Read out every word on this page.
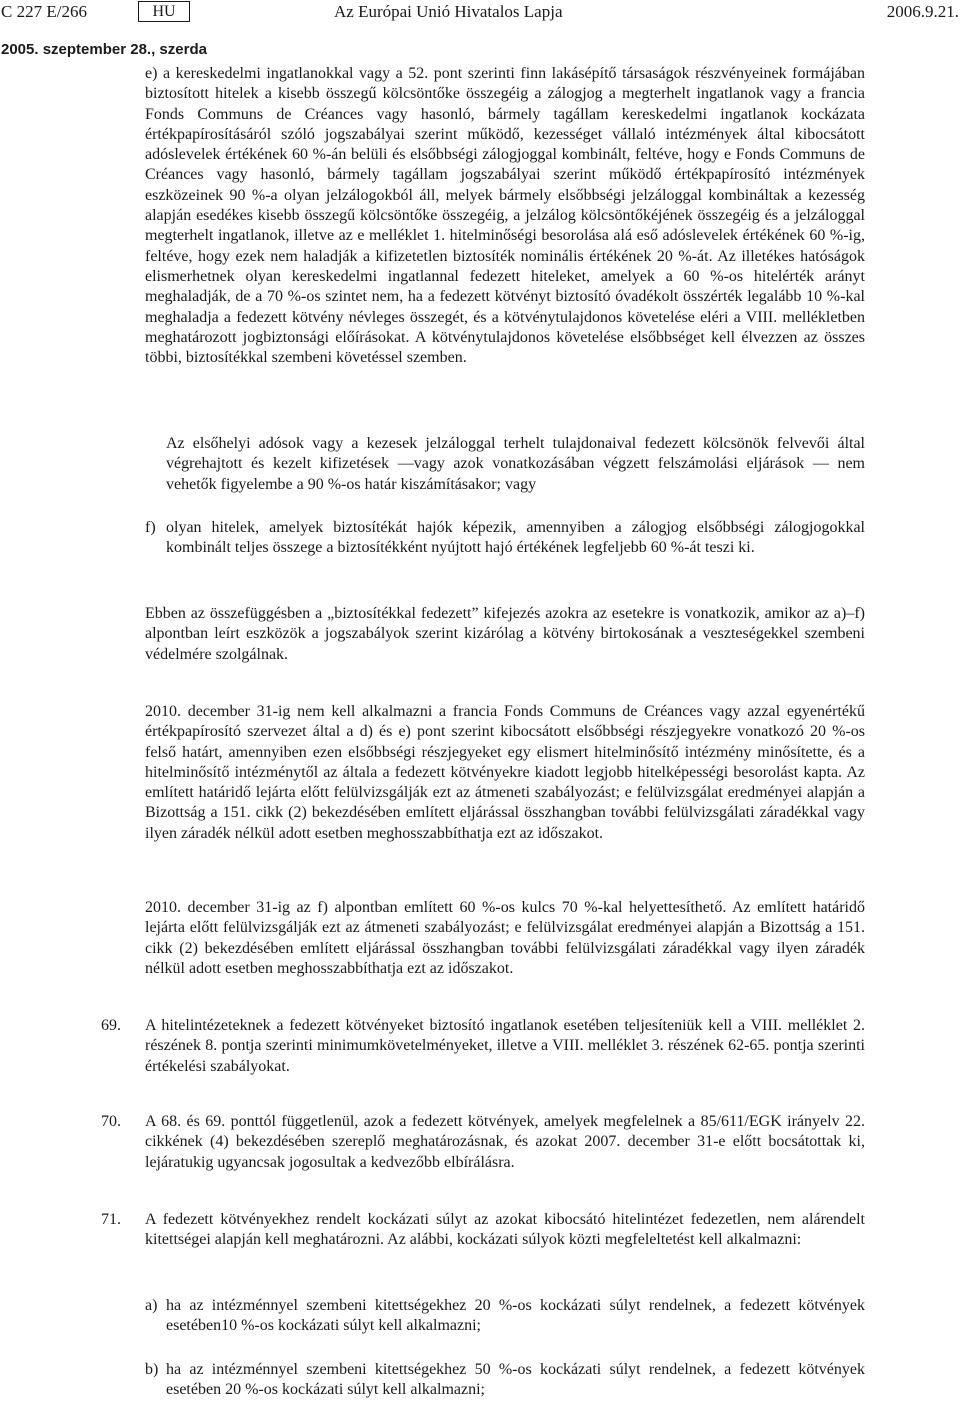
C 227 E/266	HU	Az Európai Unió Hivatalos Lapja	2006.9.21.
2005. szeptember 28., szerda

e) a kereskedelmi ingatlanokkal vagy a 52. pont szerinti finn lakásépítő társaságok részvényeinek formájában biztosított hitelek a kisebb összegű kölcsöntőke összegéig a zálogjog a megterhelt ingatlanok vagy a francia Fonds Communs de Créances vagy hasonló, bármely tagállam kereskedelmi ingatlanok kockázata értékpapírosításáról szóló jogszabályai szerint működő, kezességet vállaló intézmények által kibocsátott adóslevelek értékének 60 %-án belüli és elsőbbségi zálogjoggal kombinált, feltéve, hogy e Fonds Communs de Créances vagy hasonló, bármely tagállam jogszabályai szerint működő értékpapírosító intézmények eszközeinek 90 %-a olyan jelzálogokból áll, melyek bármely elsőbbségi jelzáloggal kombináltak a kezesség alapján esedékes kisebb összegű kölcsöntőke összegéig, a jelzálog kölcsöntőkéjének összegéig és a jelzáloggal megterhelt ingatlanok, illetve az e melléklet 1. hitelminőségi besorolása alá eső adóslevelek értékének 60 %-ig, feltéve, hogy ezek nem haladják a kifizetetlen biztosíték nominális értékének 20 %-át. Az illetékes hatóságok elismerhetnek olyan kereskedelmi ingatlannal fedezett hiteleket, amelyek a 60 %-os hitelérték arányt meghaladják, de a 70 %-os szintet nem, ha a fedezett kötvényt biztosító óvadékolt összérték legalább 10 %-kal meghaladja a fedezett kötvény névleges összegét, és a kötvénytulajdonos követelése eléri a VIII. mellékletben meghatározott jogbiztonsági előírásokat. A kötvénytulajdonos követelése elsőbbséget kell élvezzen az összes többi, biztosítékkal szembeni követéssel szemben.

Az elsőhelyi adósok vagy a kezesek jelzáloggal terhelt tulajdonaival fedezett kölcsönök felvevői által végrehajtott és kezelt kifizetések —vagy azok vonatkozásában végzett felszámolási eljárások — nem vehetők figyelembe a 90 %-os határ kiszámításakor; vagy

f) olyan hitelek, amelyek biztosítékát hajók képezik, amennyiben a zálogjog elsőbbségi zálogjogokkal kombinált teljes összege a biztosítékként nyújtott hajó értékének legfeljebb 60 %-át teszi ki.

Ebben az összefüggésben a „biztosítékkal fedezett” kifejezés azokra az esetekre is vonatkozik, amikor az a)–f) alpontban leírt eszközök a jogszabályok szerint kizárólag a kötvény birtokosának a veszteségekkel szembeni védelmére szolgálnak.

2010. december 31-ig nem kell alkalmazni a francia Fonds Communs de Créances vagy azzal egyenértékű értékpapírosító szervezet által a d) és e) pont szerint kibocsátott elsőbbségi részjegyekre vonatkozó 20 %-os felső határt, amennyiben ezen elsőbbségi részjegyeket egy elismert hitelminősítő intézmény minősítette, és a hitelminősítő intézménytől az általa a fedezett kötvényekre kiadott legjobb hitelképességi besorolást kapta. Az említett határidő lejárta előtt felülvizsgálják ezt az átmeneti szabályozást; e felülvizsgálat eredményei alapján a Bizottság a 151. cikk (2) bekezdésében említett eljárással összhangban további felülvizsgálati záradékkal vagy ilyen záradék nélkül adott esetben meghosszabbíthatja ezt az időszakot.

2010. december 31-ig az f) alpontban említett 60 %-os kulcs 70 %-kal helyettesíthető. Az említett határidő lejárta előtt felülvizsgálják ezt az átmeneti szabályozást; e felülvizsgálat eredményei alapján a Bizottság a 151. cikk (2) bekezdésében említett eljárással összhangban további felülvizsgálati záradékkal vagy ilyen záradék nélkül adott esetben meghosszabbíthatja ezt az időszakot.

69. A hitelintézeteknek a fedezett kötvényeket biztosító ingatlanok esetében teljesíteniük kell a VIII. melléklet 2. részének 8. pontja szerinti minimumkövetelményeket, illetve a VIII. melléklet 3. részének 62-65. pontja szerinti értékelési szabályokat.

70. A 68. és 69. ponttól függetlenül, azok a fedezett kötvények, amelyek megfelelnek a 85/611/EGK irányelv 22. cikkének (4) bekezdésében szereplő meghatározásnak, és azokat 2007. december 31-e előtt bocsátottak ki, lejáratukig ugyancsak jogosultak a kedvezőbb elbírálásra.

71. A fedezett kötvényekhez rendelt kockázati súlyt az azokat kibocsátó hitelintézet fedezetlen, nem alárendelt kitettségei alapján kell meghatározni. Az alábbi, kockázati súlyok közti megfeleltetést kell alkalmazni:

a) ha az intézménnyel szembeni kitettségekhez 20 %-os kockázati súlyt rendelnek, a fedezett kötvények esetében10 %-os kockázati súlyt kell alkalmazni;

b) ha az intézménnyel szembeni kitettségekhez 50 %-os kockázati súlyt rendelnek, a fedezett kötvények esetében 20 %-os kockázati súlyt kell alkalmazni;
